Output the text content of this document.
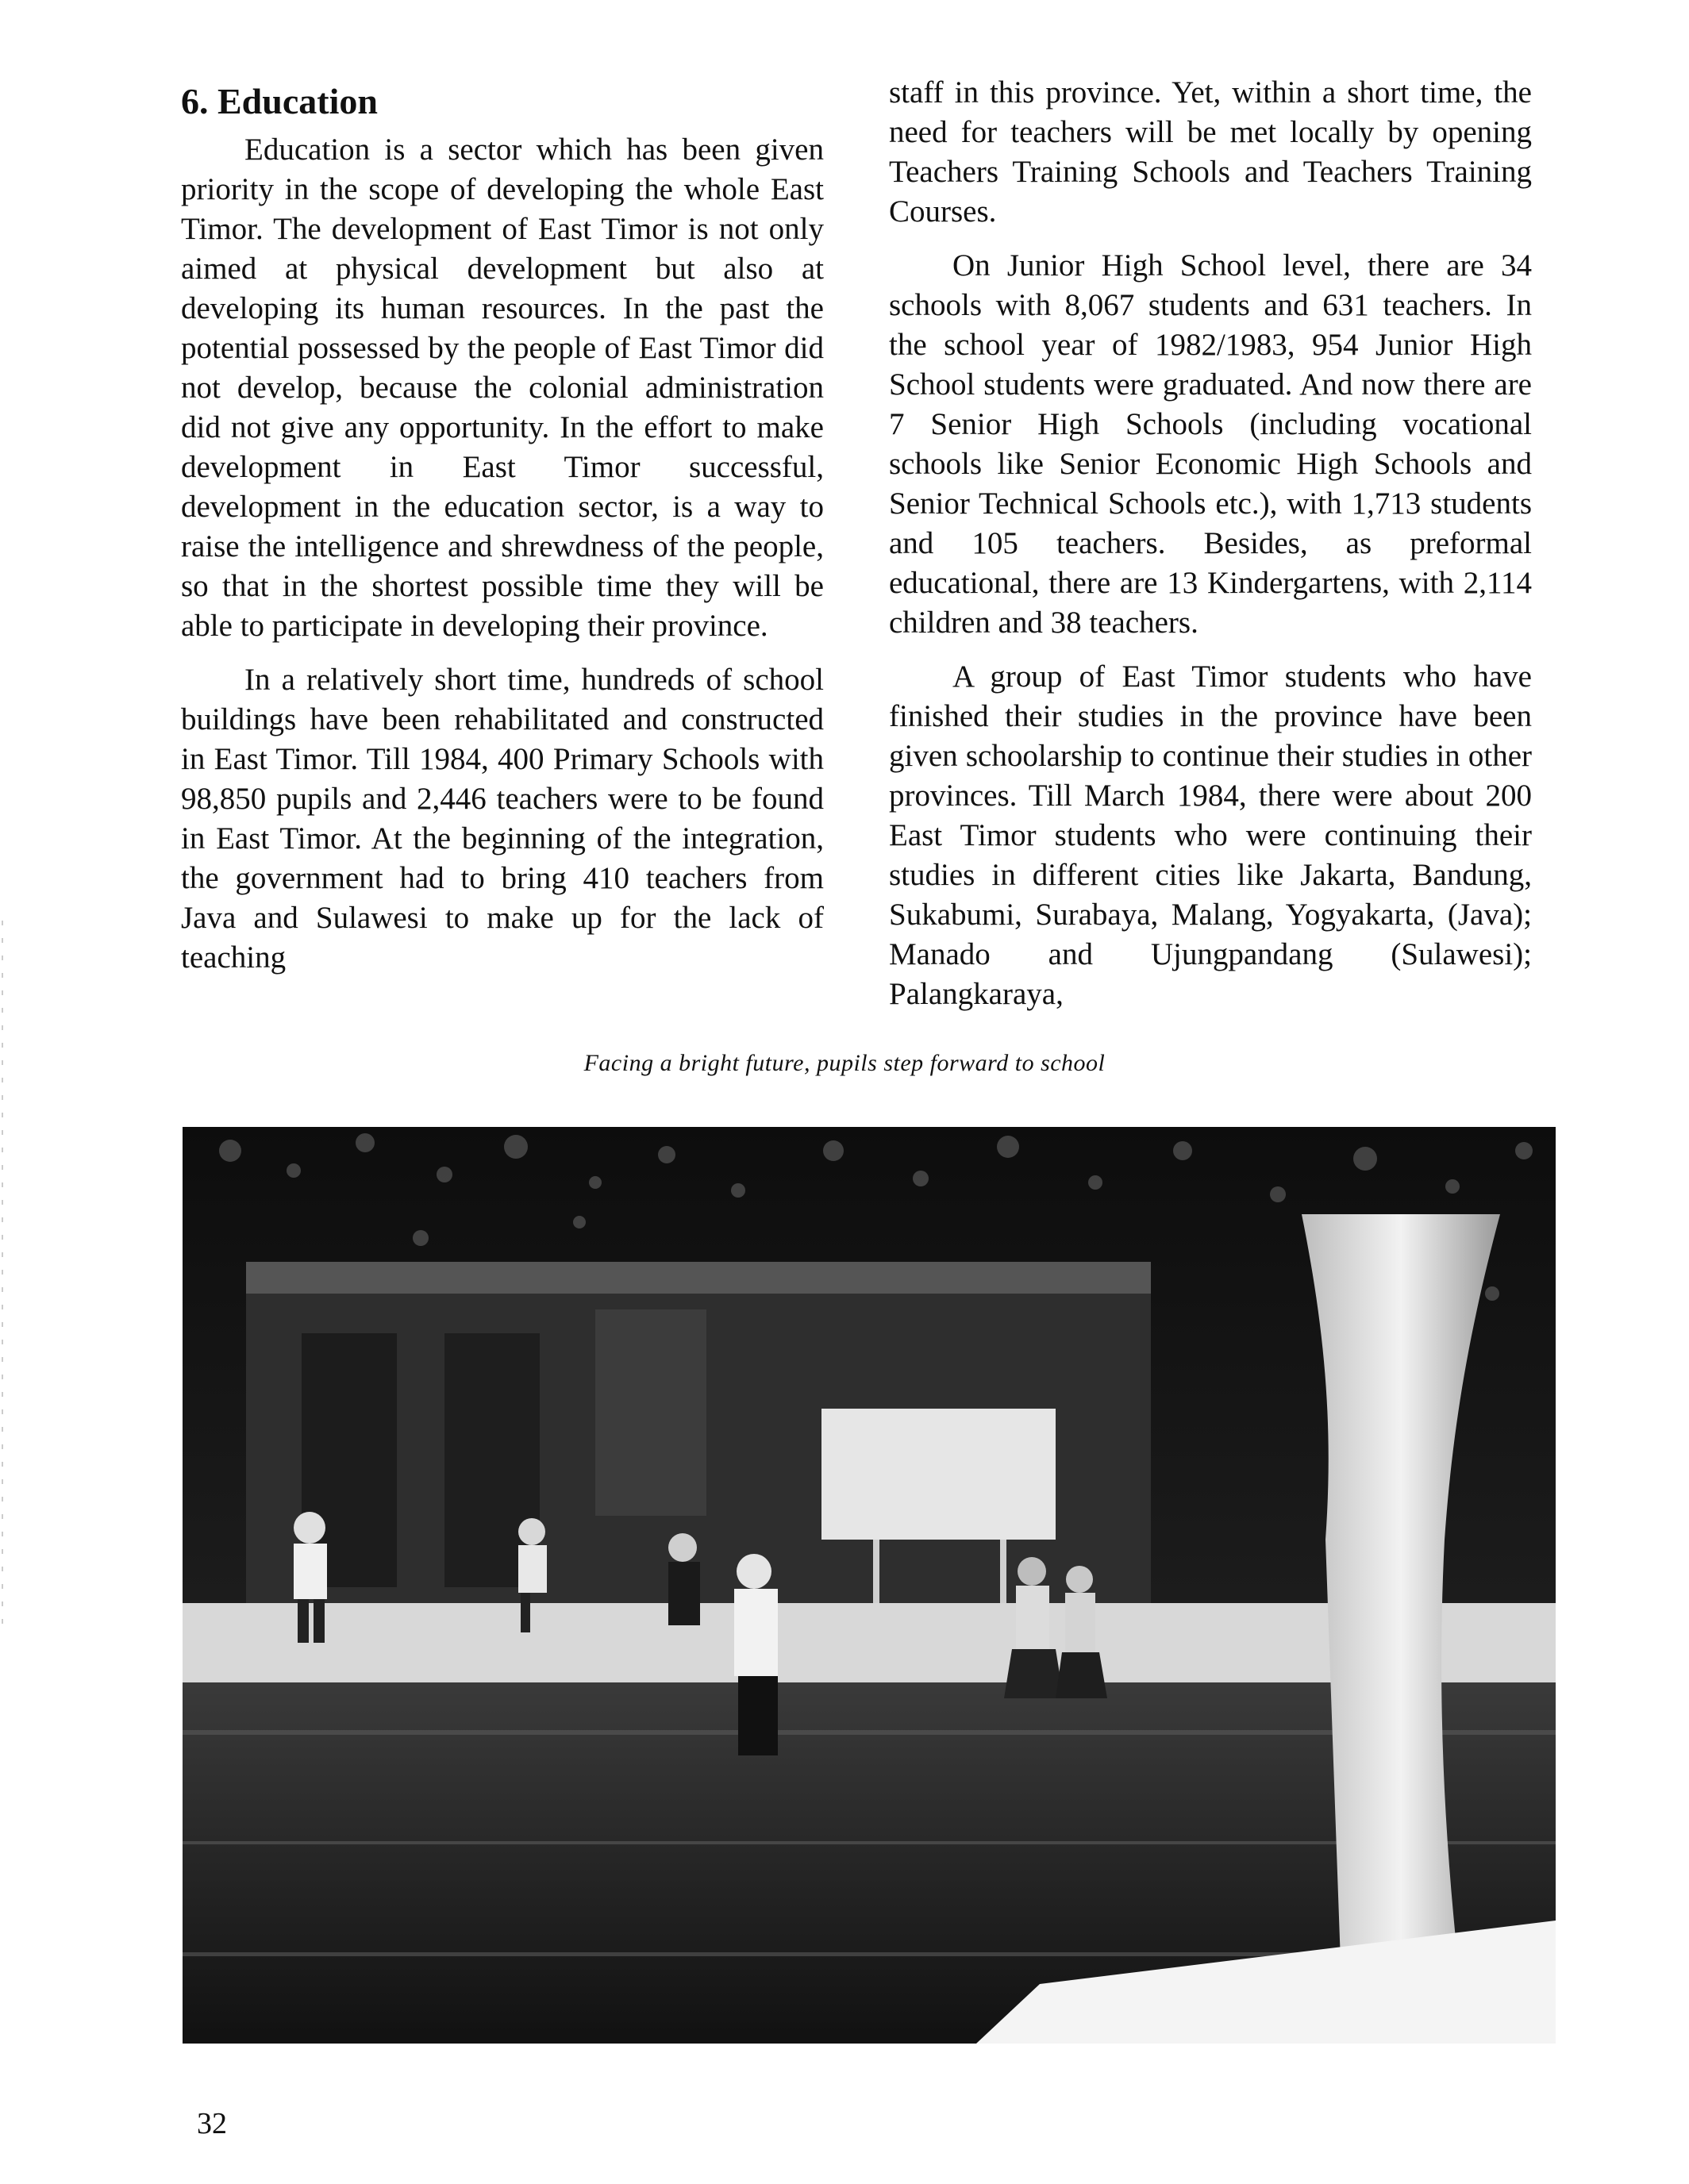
6. Education

Education is a sector which has been given priority in the scope of developing the whole East Timor. The development of East Timor is not only aimed at physical development but also at developing its human resources. In the past the potential possessed by the people of East Timor did not develop, because the colonial administration did not give any opportunity. In the effort to make development in East Timor successful, development in the education sector, is a way to raise the intelligence and shrewdness of the people, so that in the shortest possible time they will be able to participate in developing their province.

In a relatively short time, hundreds of school buildings have been rehabilitated and constructed in East Timor. Till 1984, 400 Primary Schools with 98,850 pupils and 2,446 teachers were to be found in East Timor. At the beginning of the integration, the government had to bring 410 teachers from Java and Sulawesi to make up for the lack of teaching

staff in this province. Yet, within a short time, the need for teachers will be met locally by opening Teachers Training Schools and Teachers Training Courses.

On Junior High School level, there are 34 schools with 8,067 students and 631 teachers. In the school year of 1982/1983, 954 Junior High School students were graduated. And now there are 7 Senior High Schools (including vocational schools like Senior Economic High Schools and Senior Technical Schools etc.), with 1,713 students and 105 teachers. Besides, as preformal educational, there are 13 Kindergartens, with 2,114 children and 38 teachers.

A group of East Timor students who have finished their studies in the province have been given schoolarship to continue their studies in other provinces. Till March 1984, there were about 200 East Timor students who were continuing their studies in different cities like Jakarta, Bandung, Sukabumi, Surabaya, Malang, Yogyakarta, (Java); Manado and Ujungpandang (Sulawesi); Palangkaraya,

Facing a bright future, pupils step forward to school
32
